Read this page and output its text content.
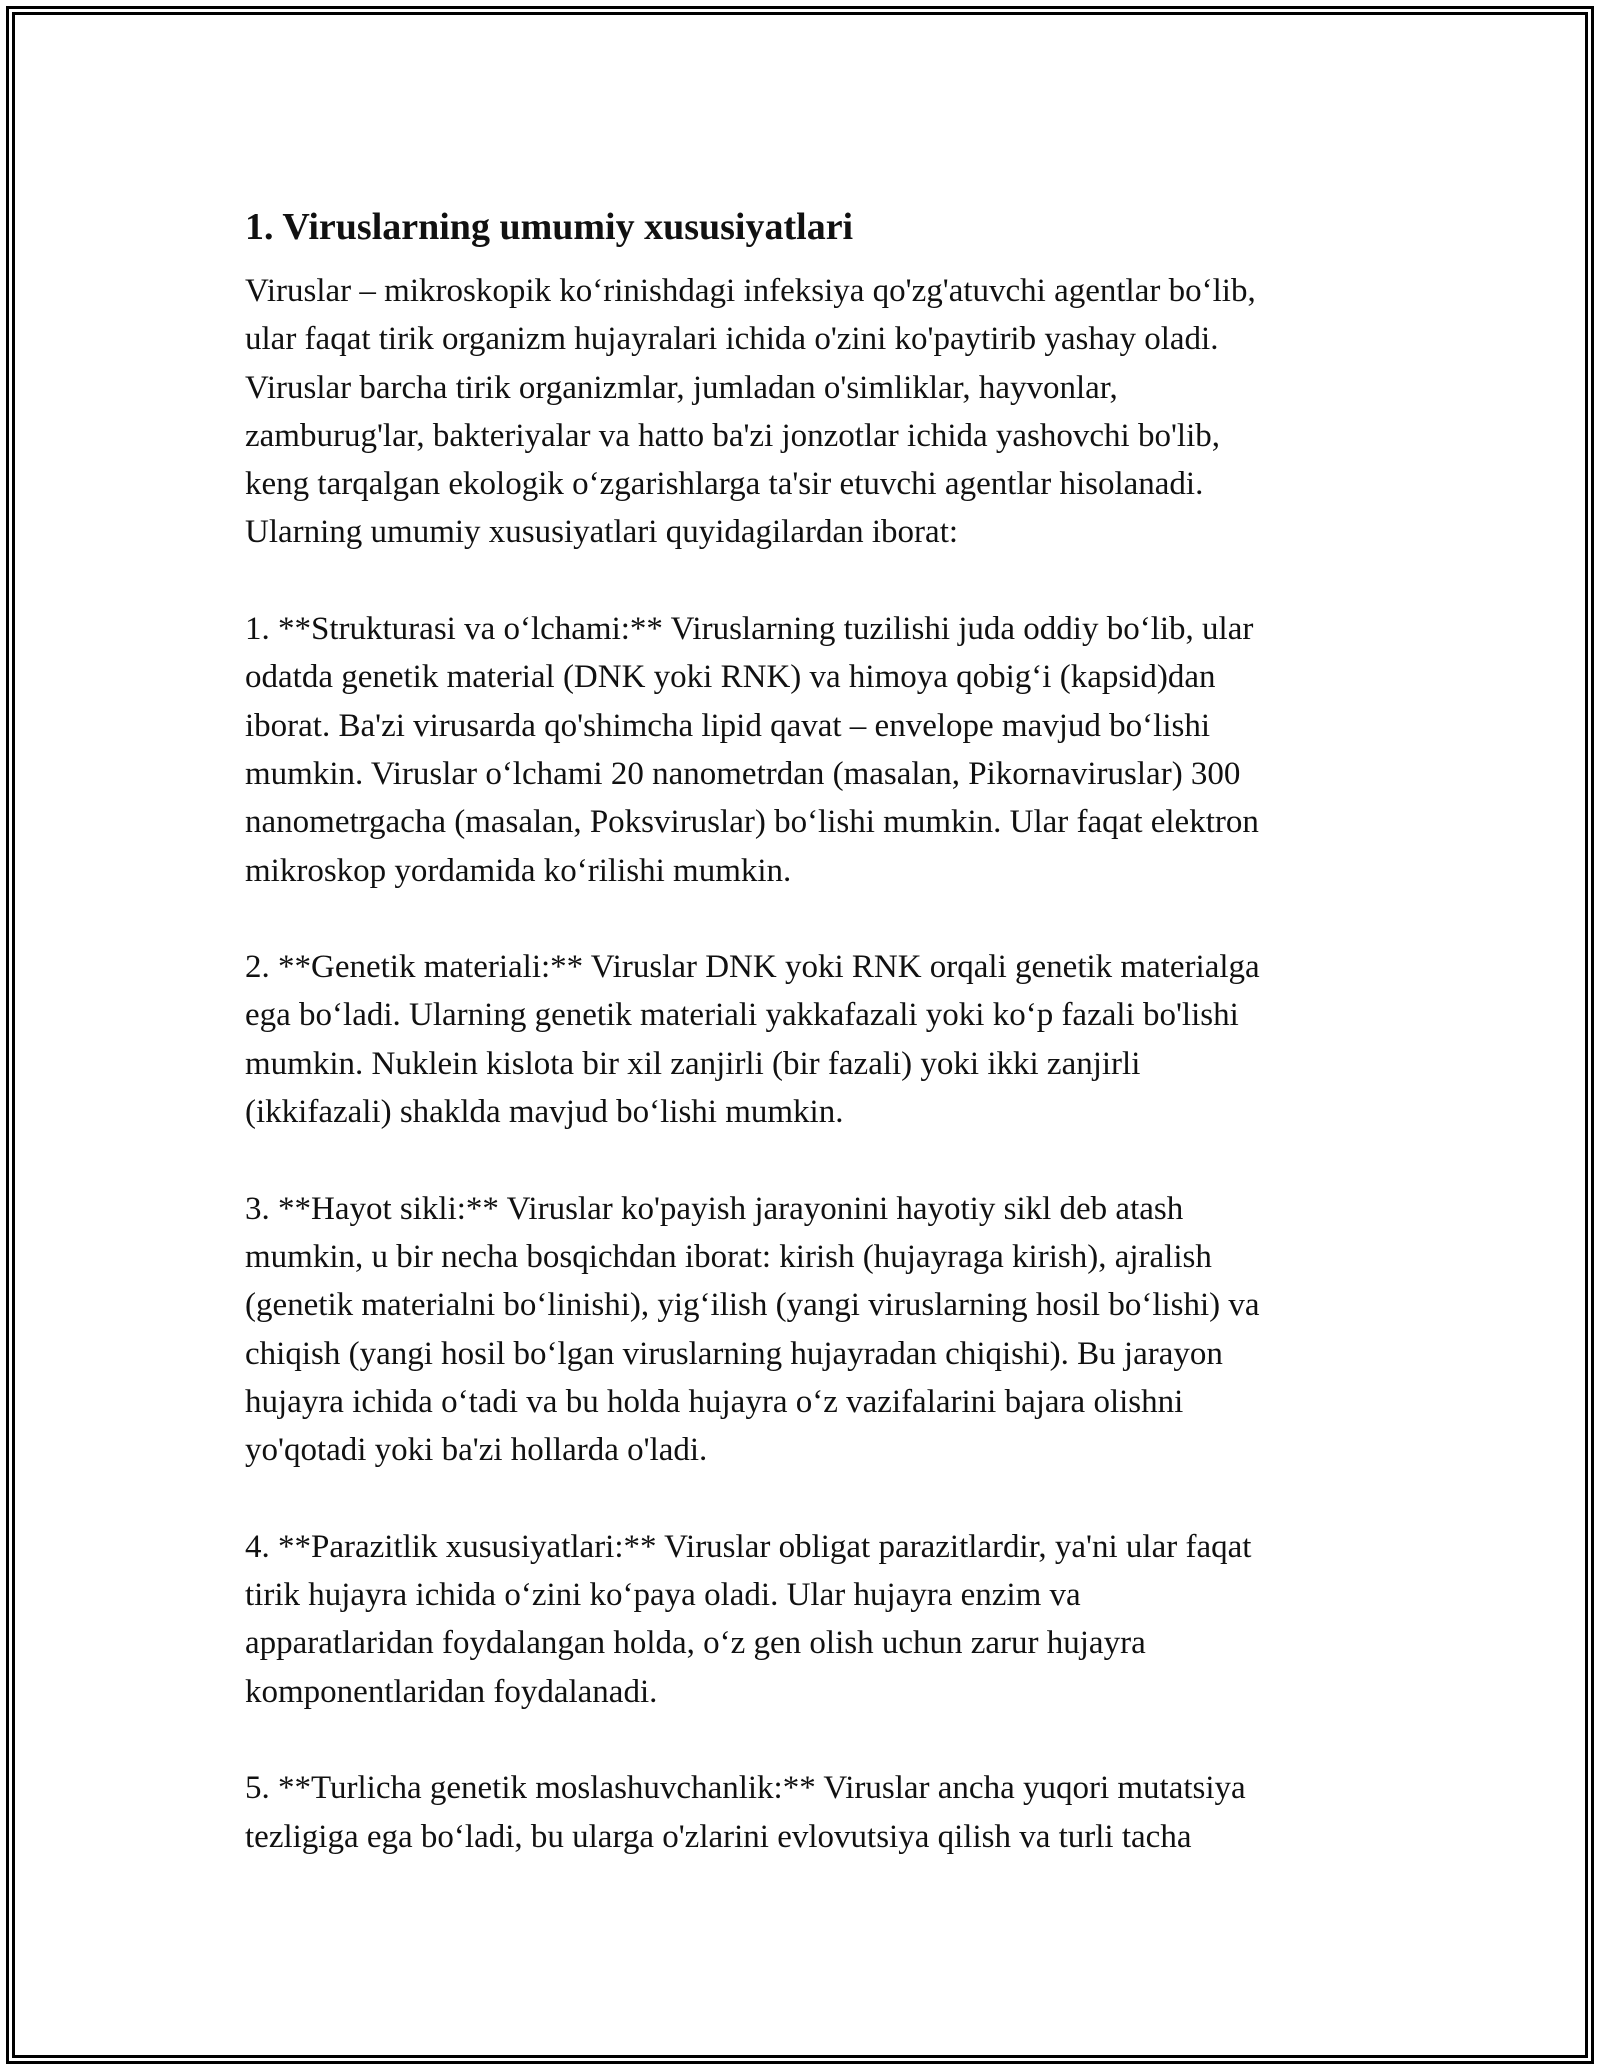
1. Viruslarning umumiy xususiyatlari
Viruslar – mikroskopik koʻrinishdagi infeksiya qo'zg'atuvchi agentlar boʻlib,
ular faqat tirik organizm hujayralari ichida o'zini ko'paytirib yashay oladi.
Viruslar barcha tirik organizmlar, jumladan o'simliklar, hayvonlar,
zamburug'lar, bakteriyalar va hatto ba'zi jonzotlar ichida yashovchi bo'lib,
keng tarqalgan ekologik oʻzgarishlarga ta'sir etuvchi agentlar hisolanadi.
Ularning umumiy xususiyatlari quyidagilardan iborat:
1. **Strukturasi va oʻlchami:** Viruslarning tuzilishi juda oddiy boʻlib, ular
odatda genetik material (DNK yoki RNK) va himoya qobigʻi (kapsid)dan
iborat. Ba'zi virusarda qo'shimcha lipid qavat – envelope mavjud boʻlishi
mumkin. Viruslar oʻlchami 20 nanometrdan (masalan, Pikornaviruslar) 300
nanometrgacha (masalan, Poksviruslar) boʻlishi mumkin. Ular faqat elektron
mikroskop yordamida koʻrilishi mumkin.
2. **Genetik materiali:** Viruslar DNK yoki RNK orqali genetik materialga
ega boʻladi. Ularning genetik materiali yakkafazali yoki koʻp fazali bo'lishi
mumkin. Nuklein kislota bir xil zanjirli (bir fazali) yoki ikki zanjirli
(ikkifazali) shakldа mavjud boʻlishi mumkin.
3. **Hayot sikli:** Viruslar ko'payish jarayonini hayotiy sikl deb atash
mumkin, u bir necha bosqichdan iborat: kirish (hujayraga kirish), ajralish
(genetik materialni boʻlinishi), yigʻilish (yangi viruslarning hosil boʻlishi) va
chiqish (yangi hosil boʻlgan viruslarning hujayradan chiqishi). Bu jarayon
hujayra ichida oʻtadi va bu holda hujayra oʻz vazifalarini bajara olishni
yo'qotadi yoki ba'zi hollarda o'ladi.
4. **Parazitlik xususiyatlari:** Viruslar obligat parazitlardir, ya'ni ular faqat
tirik hujayra ichida oʻzini koʻpaya oladi. Ular hujayra enzim va
apparatlaridan foydalangan holda, oʻz gen olish uchun zarur hujayra
komponentlaridan foydalanadi.
5. **Turlicha genetik moslashuvchanlik:** Viruslar ancha yuqori mutatsiya
tezligiga ega boʻladi, bu ularga o'zlarini evlovutsiya qilish va turli tacha
